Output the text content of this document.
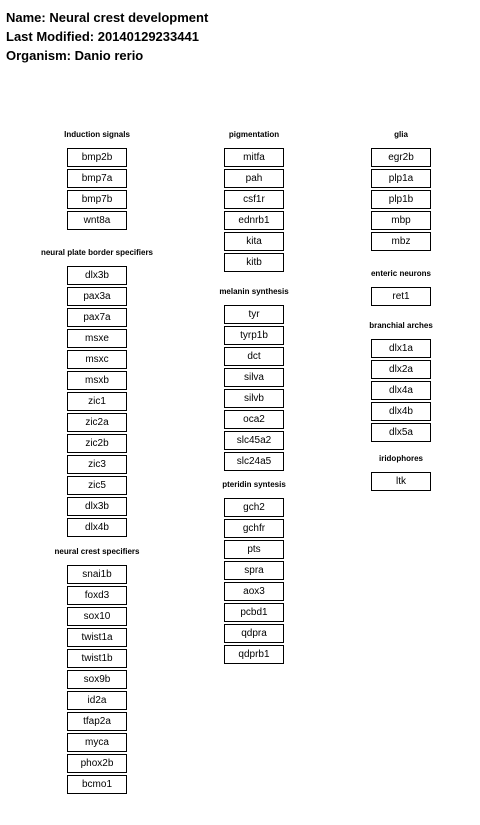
Name: Neural crest development
Last Modified: 20140129233441
Organism: Danio rerio
Induction signals
bmp2b
bmp7a
bmp7b
wnt8a
neural plate border specifiers
dlx3b
pax3a
pax7a
msxe
msxc
msxb
zic1
zic2a
zic2b
zic3
zic5
dlx3b
dlx4b
neural crest specifiers
snai1b
foxd3
sox10
twist1a
twist1b
sox9b
id2a
tfap2a
myca
phox2b
bcmo1
pigmentation
mitfa
pah
csf1r
ednrb1
kita
kitb
melanin synthesis
tyr
tyrp1b
dct
silva
silvb
oca2
slc45a2
slc24a5
pteridin syntesis
gch2
gchfr
pts
spra
aox3
pcbd1
qdpra
qdprb1
glia
egr2b
plp1a
plp1b
mbp
mbz
enteric neurons
ret1
branchial arches
dlx1a
dlx2a
dlx4a
dlx4b
dlx5a
iridophores
ltk
